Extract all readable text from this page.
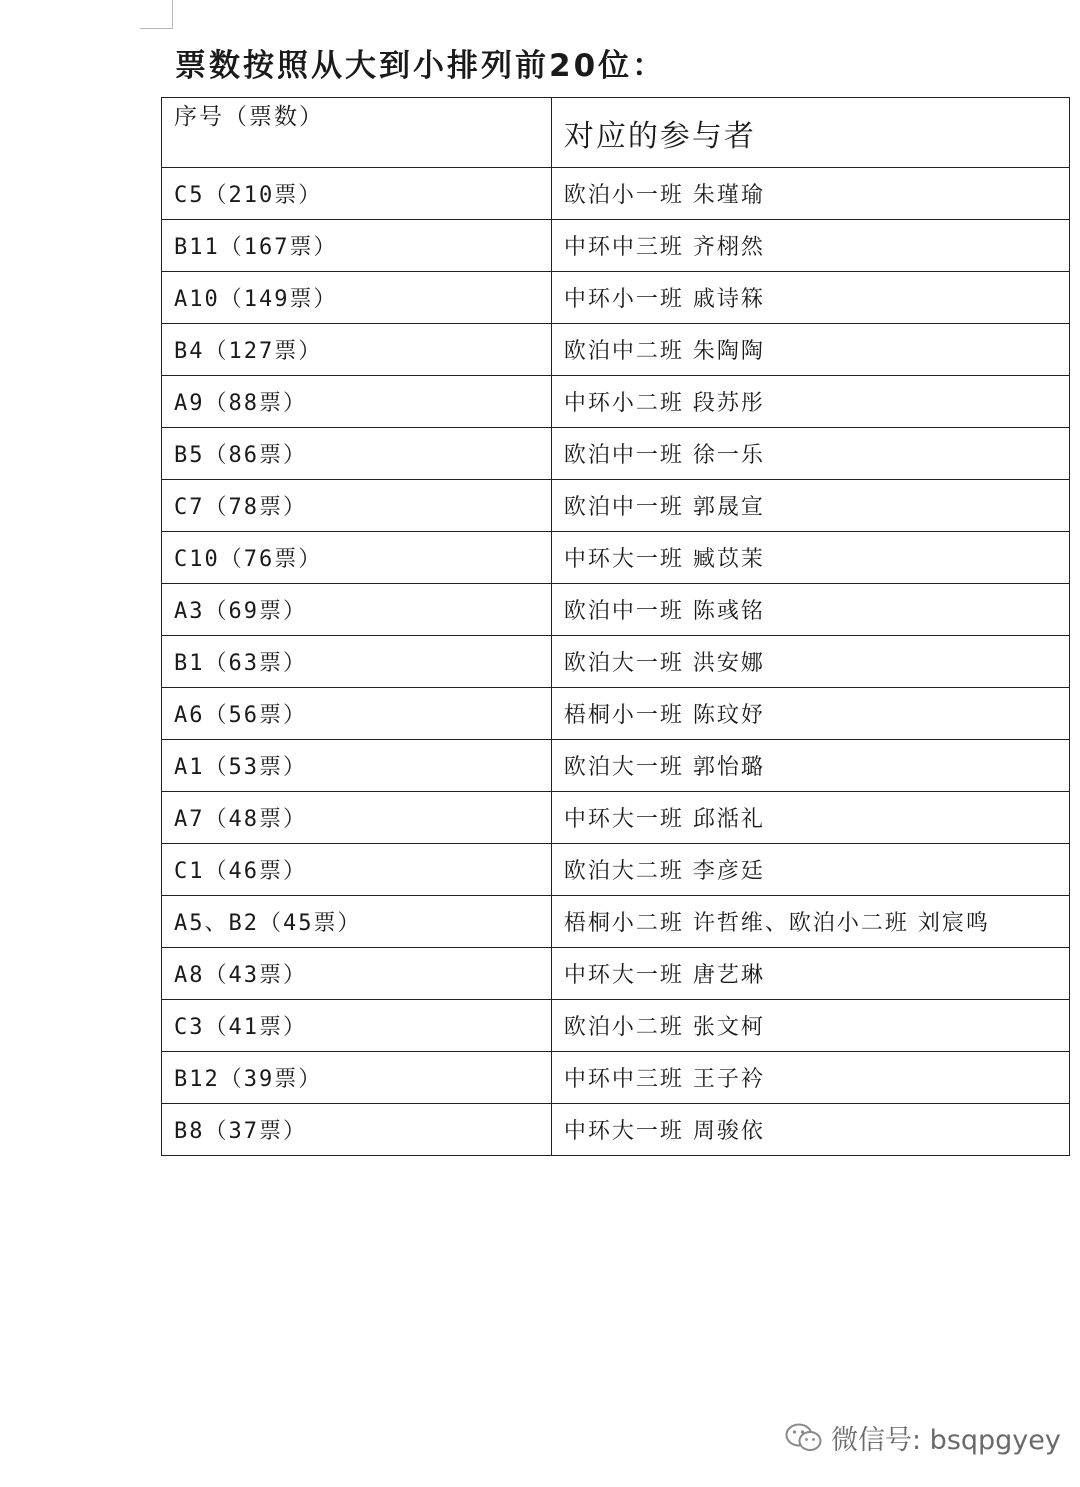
票数按照从大到小排列前20位：
序号（票数）	对应的参与者
C5（210票）	欧泊小一班 朱瑾瑜
B11（167票）	中环中三班 齐栩然
A10（149票）	中环小一班 戚诗箖
B4（127票）	欧泊中二班 朱陶陶
A9（88票）	中环小二班 段苏彤
B5（86票）	欧泊中一班 徐一乐
C7（78票）	欧泊中一班 郭晟宣
C10（76票）	中环大一班 臧苡茉
A3（69票）	欧泊中一班 陈彧铭
B1（63票）	欧泊大一班 洪安娜
A6（56票）	梧桐小一班 陈玟妤
A1（53票）	欧泊大一班 郭怡璐
A7（48票）	中环大一班 邱湉礼
C1（46票）	欧泊大二班 李彦廷
A5、B2（45票）	梧桐小二班 许哲维、欧泊小二班 刘宸鸣
A8（43票）	中环大一班 唐艺琳
C3（41票）	欧泊小二班 张文柯
B12（39票）	中环中三班 王子衿
B8（37票）	中环大一班 周骏依
微信号: bsqpgyey
